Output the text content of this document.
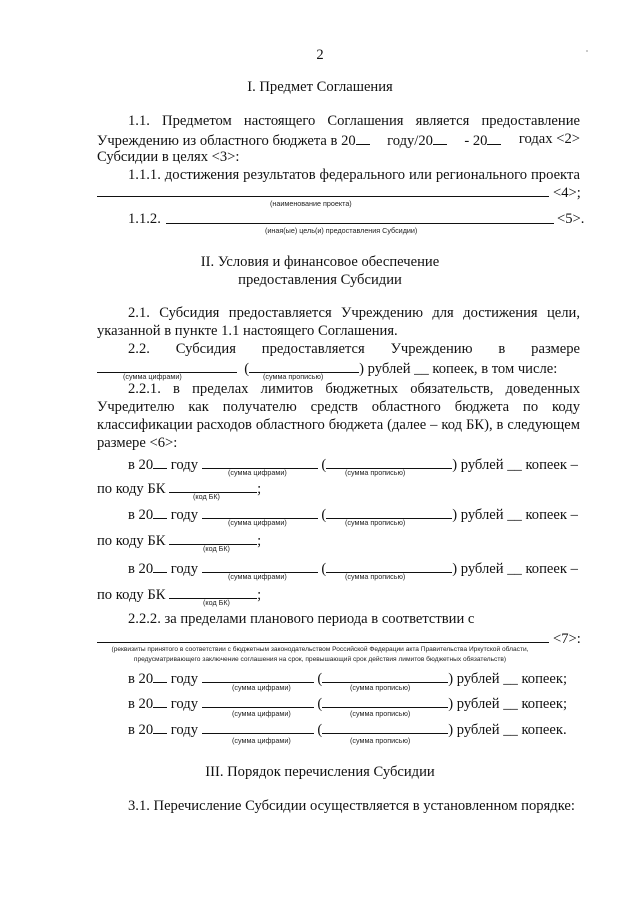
2
I. Предмет Соглашения
1.1. Предметом настоящего Соглашения является предоставление
Учреждению из областного бюджета в 20	году/20	- 20	годах <2>
Субсидии в целях <3>:
1.1.1. достижения результатов федерального или регионального проекта
<4>;
(наименование проекта)
1.1.2.	<5>.
(иная(ые) цель(и) предоставления Субсидии)
II. Условия и финансовое обеспечение
предоставления Субсидии
2.1. Субсидия предоставляется Учреждению для достижения цели,
указанной в пункте 1.1 настоящего Соглашения.
2.2. Субсидия предоставляется Учреждению в размере
(	) рублей __ копеек, в том числе:
(сумма цифрами)	(сумма прописью)
2.2.1. в пределах лимитов бюджетных обязательств, доведенных
Учредителю как получателю средств областного бюджета по коду
классификации расходов областного бюджета (далее – код БК), в следующем
размере <6>:
в 20 году	(	) рублей __ копеек –
(сумма цифрами)	(сумма прописью)
по коду БК	;
(код БК)
в 20 году	(	) рублей __ копеек –
(сумма цифрами)	(сумма прописью)
по коду БК	;
(код БК)
в 20 году	(	) рублей __ копеек –
(сумма цифрами)	(сумма прописью)
по коду БК	;
(код БК)
2.2.2. за пределами планового периода в соответствии с
<7>:
(реквизиты принятого в соответствии с бюджетным законодательством Российской Федерации акта Правительства Иркутской области,
предусматривающего заключение соглашения на срок, превышающий срок действия лимитов бюджетных обязательств)
в 20 году	(	) рублей __ копеек;
(сумма цифрами)	(сумма прописью)
в 20 году	(	) рублей __ копеек;
(сумма цифрами)	(сумма прописью)
в 20 году	(	) рублей __ копеек.
(сумма цифрами)	(сумма прописью)
III. Порядок перечисления Субсидии
3.1. Перечисление Субсидии осуществляется в установленном порядке:
